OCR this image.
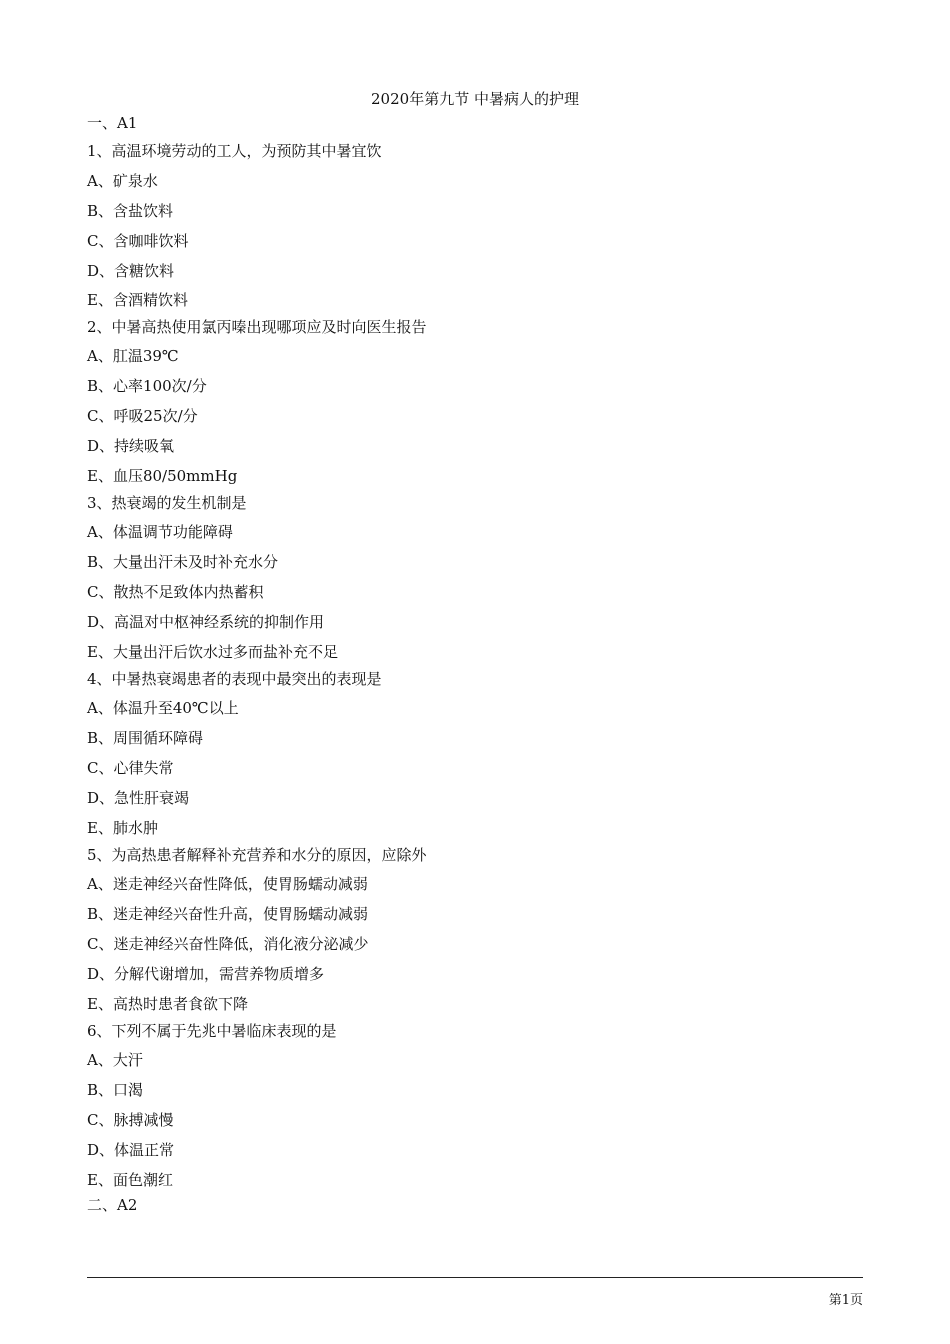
2020年第九节 中暑病人的护理
一、A1
1、高温环境劳动的工人，为预防其中暑宜饮
A、矿泉水
B、含盐饮料
C、含咖啡饮料
D、含糖饮料
E、含酒精饮料
2、中暑高热使用氯丙嗪出现哪项应及时向医生报告
A、肛温39℃
B、心率100次/分
C、呼吸25次/分
D、持续吸氧
E、血压80/50mmHg
3、热衰竭的发生机制是
A、体温调节功能障碍
B、大量出汗未及时补充水分
C、散热不足致体内热蓄积
D、高温对中枢神经系统的抑制作用
E、大量出汗后饮水过多而盐补充不足
4、中暑热衰竭患者的表现中最突出的表现是
A、体温升至40℃以上
B、周围循环障碍
C、心律失常
D、急性肝衰竭
E、肺水肿
5、为高热患者解释补充营养和水分的原因，应除外
A、迷走神经兴奋性降低，使胃肠蠕动减弱
B、迷走神经兴奋性升高，使胃肠蠕动减弱
C、迷走神经兴奋性降低，消化液分泌减少
D、分解代谢增加，需营养物质增多
E、高热时患者食欲下降
6、下列不属于先兆中暑临床表现的是
A、大汗
B、口渴
C、脉搏减慢
D、体温正常
E、面色潮红
二、A2
第1页
